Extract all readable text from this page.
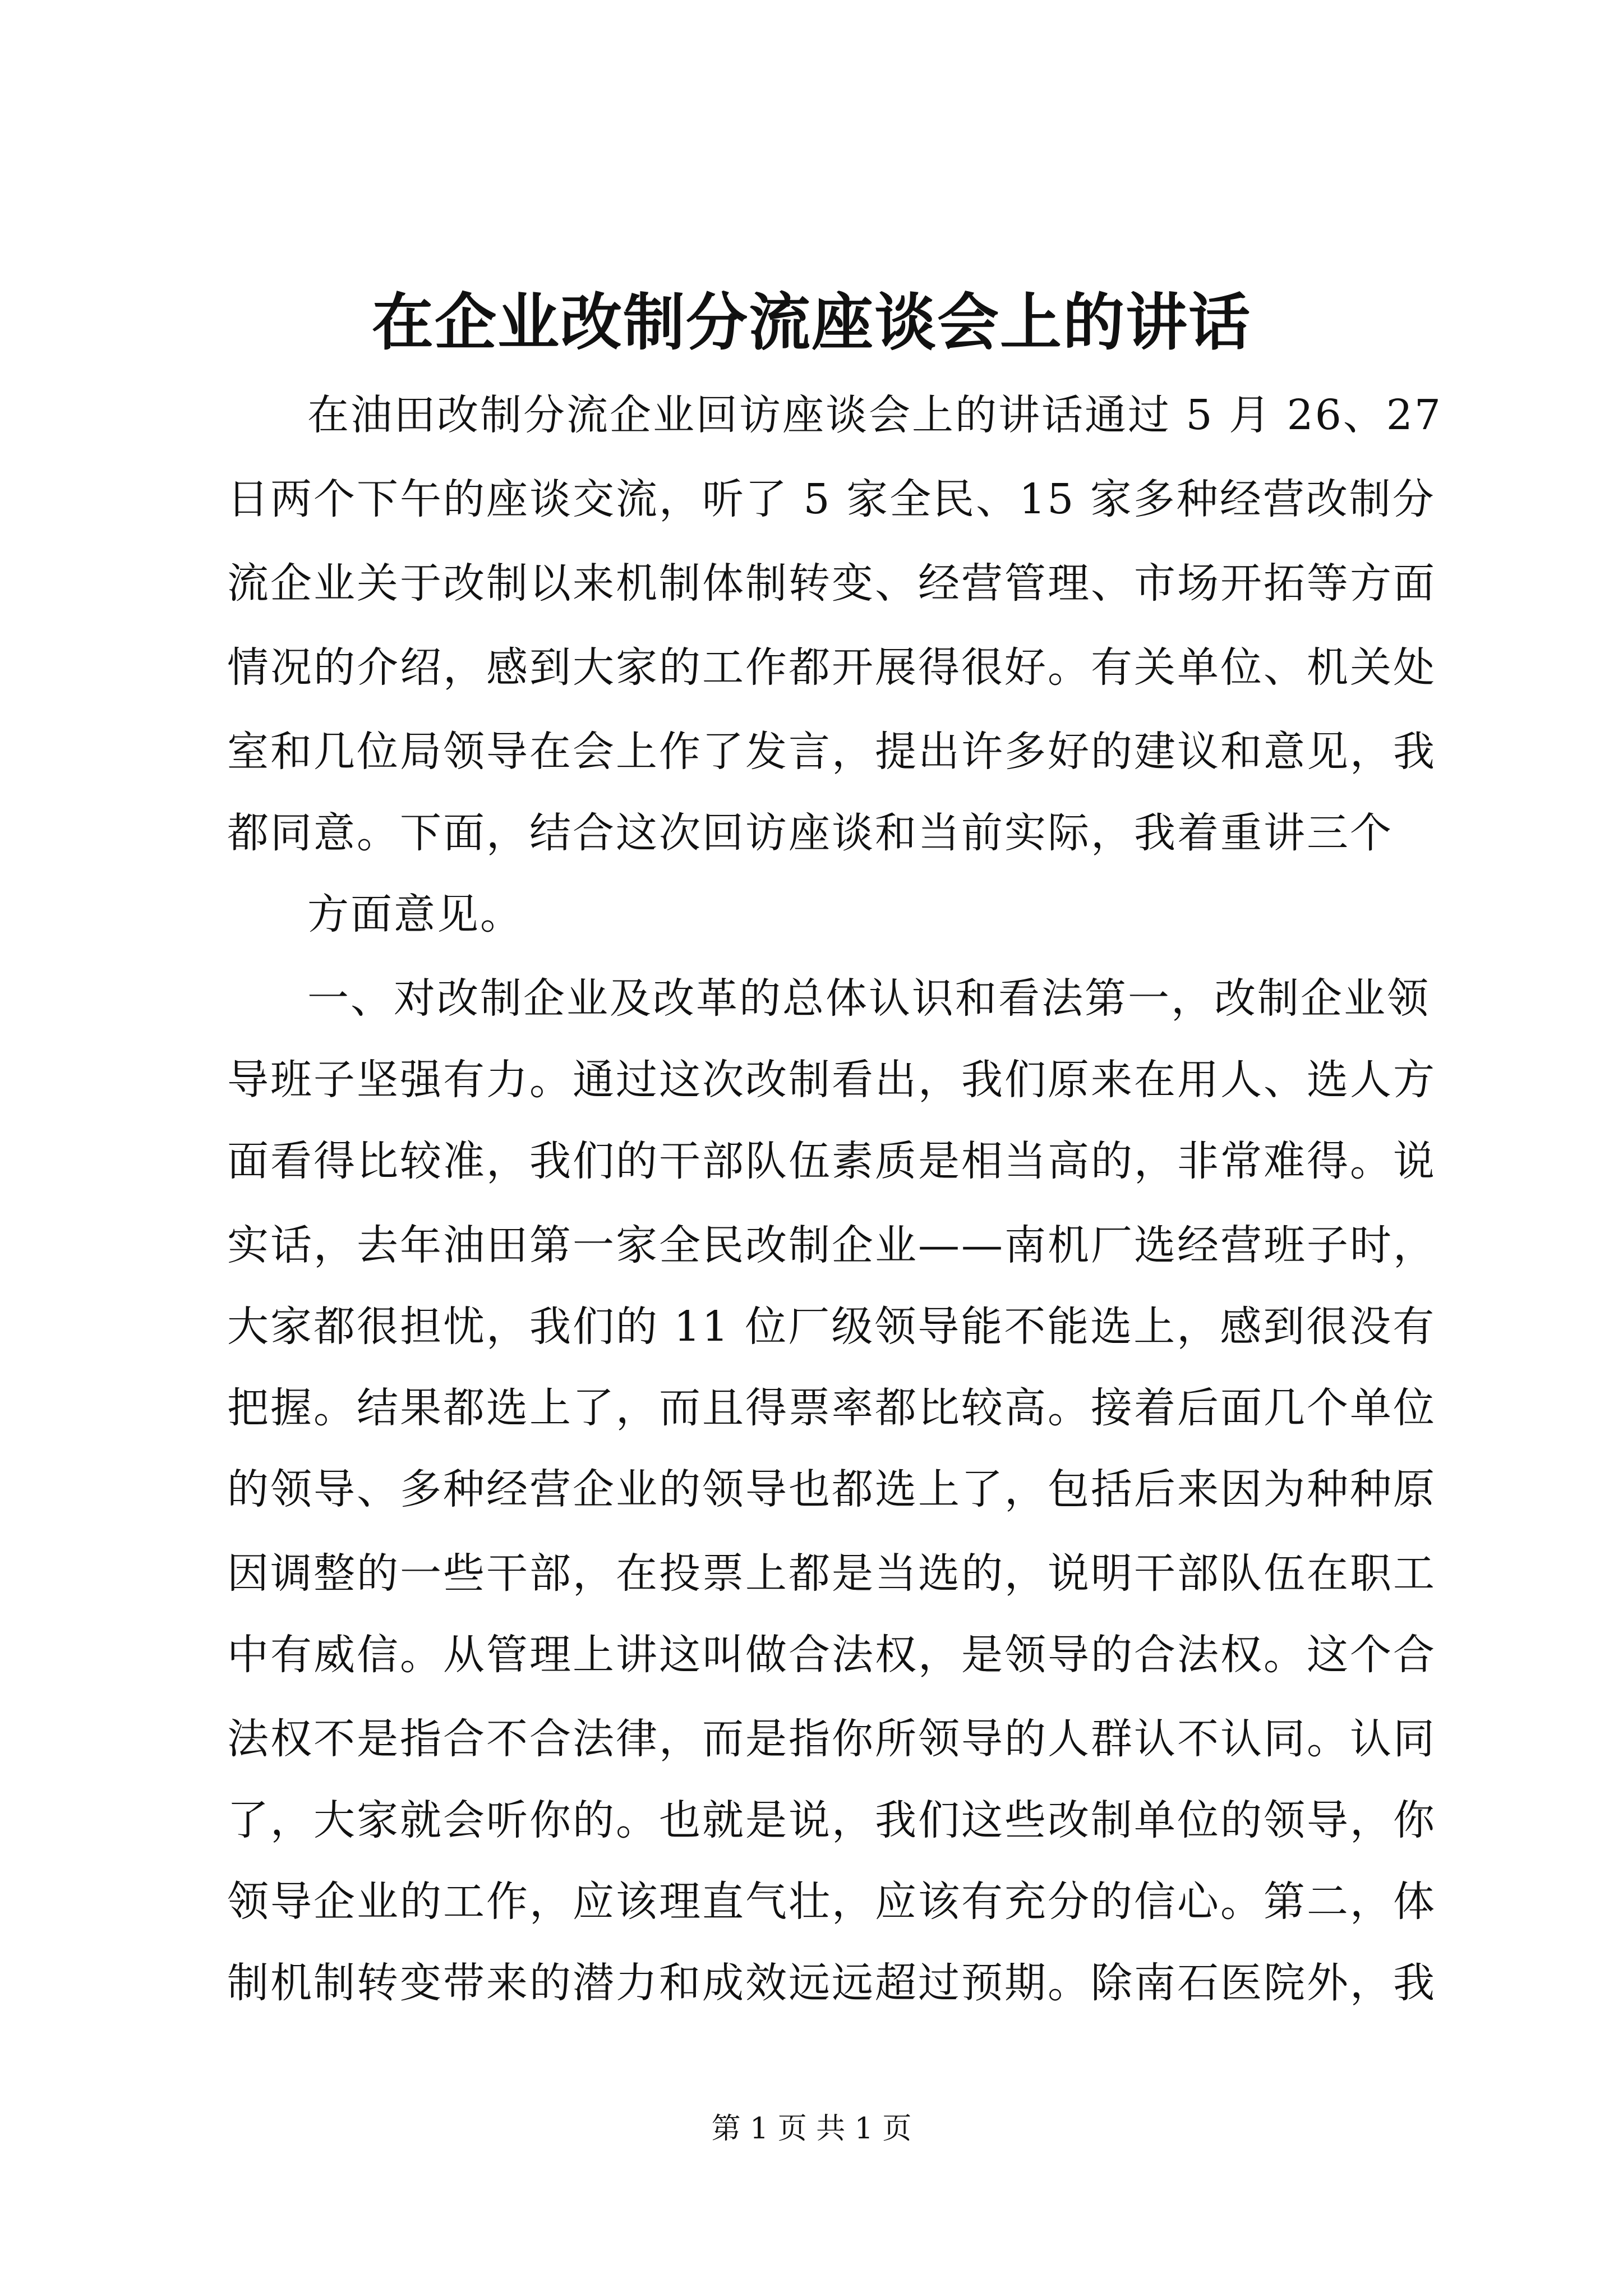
在企业改制分流座谈会上的讲话
在油田改制分流企业回访座谈会上的讲话通过 5 月 26、27
日两个下午的座谈交流，听了 5 家全民、15 家多种经营改制分
流企业关于改制以来机制体制转变、经营管理、市场开拓等方面
情况的介绍，感到大家的工作都开展得很好。有关单位、机关处
室和几位局领导在会上作了发言，提出许多好的建议和意见，我
都同意。下面，结合这次回访座谈和当前实际，我着重讲三个
方面意见。
一、对改制企业及改革的总体认识和看法第一，改制企业领
导班子坚强有力。通过这次改制看出，我们原来在用人、选人方
面看得比较准，我们的干部队伍素质是相当高的，非常难得。说
实话，去年油田第一家全民改制企业——南机厂选经营班子时，
大家都很担忧，我们的 11 位厂级领导能不能选上，感到很没有
把握。结果都选上了，而且得票率都比较高。接着后面几个单位
的领导、多种经营企业的领导也都选上了，包括后来因为种种原
因调整的一些干部，在投票上都是当选的，说明干部队伍在职工
中有威信。从管理上讲这叫做合法权，是领导的合法权。这个合
法权不是指合不合法律，而是指你所领导的人群认不认同。认同
了，大家就会听你的。也就是说，我们这些改制单位的领导，你
领导企业的工作，应该理直气壮，应该有充分的信心。第二，体
制机制转变带来的潜力和成效远远超过预期。除南石医院外，我
第 1 页 共 1 页
